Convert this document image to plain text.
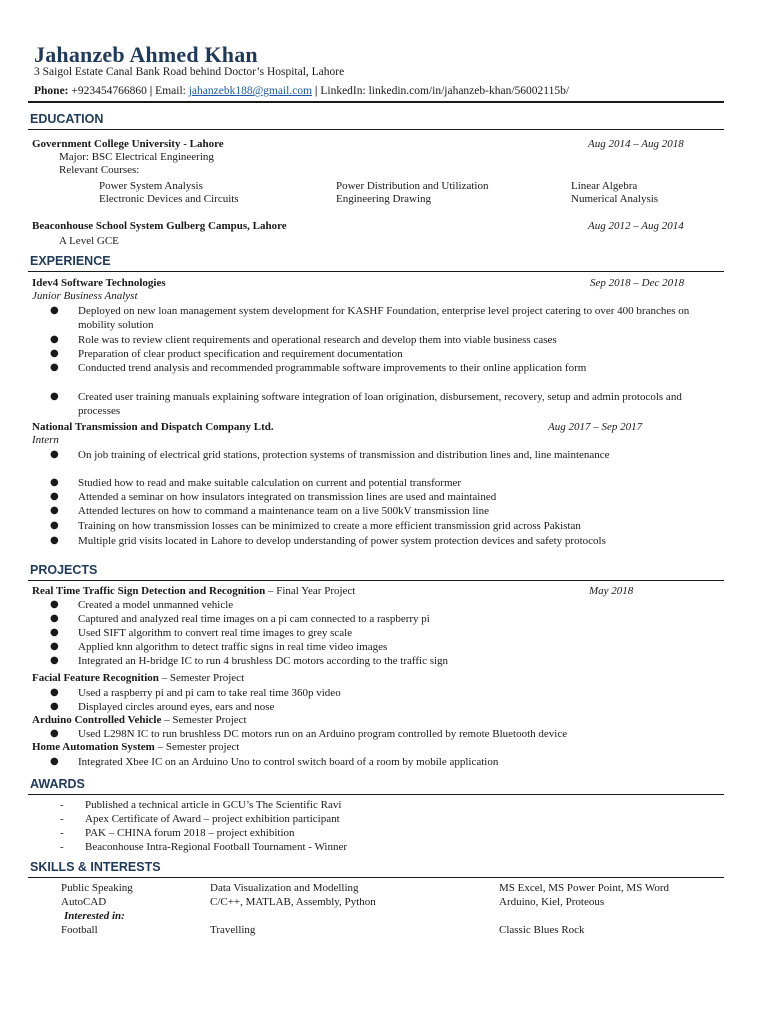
Jahanzeb Ahmed Khan
3 Saigol Estate Canal Bank Road behind Doctor’s Hospital, Lahore
Phone: +923454766860 | Email: jahanzebk188@gmail.com | LinkedIn: linkedin.com/in/jahanzeb-khan/56002115b/
EDUCATION
Government College University - Lahore	Aug 2014 – Aug 2018
Major: BSC Electrical Engineering
Relevant Courses:
Power System Analysis	Power Distribution and Utilization	Linear Algebra
Electronic Devices and Circuits	Engineering Drawing	Numerical Analysis
Beaconhouse School System Gulberg Campus, Lahore	Aug 2012 – Aug 2014
A Level GCE
EXPERIENCE
Idev4 Software Technologies	Sep 2018 – Dec 2018
Junior Business Analyst
● Deployed on new loan management system development for KASHF Foundation, enterprise level project catering to over 400 branches on mobility solution
● Role was to review client requirements and operational research and develop them into viable business cases
● Preparation of clear product specification and requirement documentation
● Conducted trend analysis and recommended programmable software improvements to their online application form
● Created user training manuals explaining software integration of loan origination, disbursement, recovery, setup and admin protocols and processes
National Transmission and Dispatch Company Ltd.	Aug 2017 – Sep 2017
Intern
● On job training of electrical grid stations, protection systems of transmission and distribution lines and, line maintenance
● Studied how to read and make suitable calculation on current and potential transformer
● Attended a seminar on how insulators integrated on transmission lines are used and maintained
● Attended lectures on how to command a maintenance team on a live 500kV transmission line
● Training on how transmission losses can be minimized to create a more efficient transmission grid across Pakistan
● Multiple grid visits located in Lahore to develop understanding of power system protection devices and safety protocols
PROJECTS
Real Time Traffic Sign Detection and Recognition – Final Year Project	May 2018
● Created a model unmanned vehicle
● Captured and analyzed real time images on a pi cam connected to a raspberry pi
● Used SIFT algorithm to convert real time images to grey scale
● Applied knn algorithm to detect traffic signs in real time video images
● Integrated an H-bridge IC to run 4 brushless DC motors according to the traffic sign
Facial Feature Recognition – Semester Project
● Used a raspberry pi and pi cam to take real time 360p video
● Displayed circles around eyes, ears and nose
Arduino Controlled Vehicle – Semester Project
● Used L298N IC to run brushless DC motors run on an Arduino program controlled by remote Bluetooth device
Home Automation System – Semester project
● Integrated Xbee IC on an Arduino Uno to control switch board of a room by mobile application
AWARDS
- Published a technical article in GCU’s The Scientific Ravi
- Apex Certificate of Award – project exhibition participant
- PAK – CHINA forum 2018 – project exhibition
- Beaconhouse Intra-Regional Football Tournament - Winner
SKILLS & INTERESTS
Public Speaking	Data Visualization and Modelling	MS Excel, MS Power Point, MS Word
AutoCAD	C/C++, MATLAB, Assembly, Python	Arduino, Kiel, Proteous
Interested in:
Football	Travelling	Classic Blues Rock
